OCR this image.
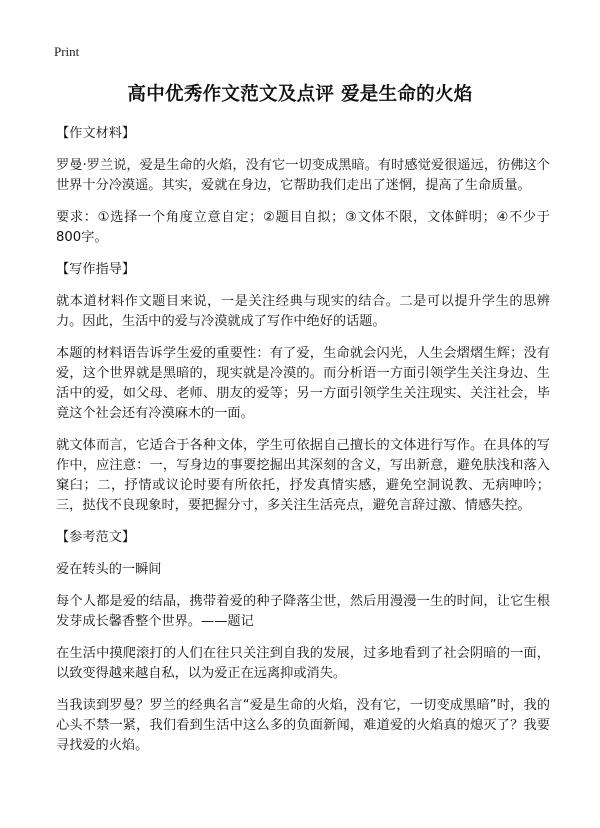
Print
高中优秀作文范文及点评 爱是生命的火焰

【作文材料】

罗曼·罗兰说，爱是生命的火焰，没有它一切变成黑暗。有时感觉爱很遥远，彷佛这个世界十分冷漠遥。其实，爱就在身边，它帮助我们走出了迷惘，提高了生命质量。

要求：①选择一个角度立意自定；②题目自拟；③文体不限，文体鲜明；④不少于800字。

【写作指导】

就本道材料作文题目来说，一是关注经典与现实的结合。二是可以提升学生的思辨力。因此，生活中的爱与冷漠就成了写作中绝好的话题。

本题的材料语告诉学生爱的重要性：有了爱，生命就会闪光，人生会熠熠生辉；没有爱，这个世界就是黑暗的，现实就是冷漠的。而分析语一方面引领学生关注身边、生活中的爱，如父母、老师、朋友的爱等；另一方面引领学生关注现实、关注社会，毕竟这个社会还有冷漠麻木的一面。

就文体而言，它适合于各种文体，学生可依据自己擅长的文体进行写作。在具体的写作中，应注意：一，写身边的事要挖掘出其深刻的含义，写出新意，避免肤浅和落入窠臼；二，抒情或议论时要有所依托，抒发真情实感，避免空洞说教、无病呻吟；三，挞伐不良现象时，要把握分寸，多关注生活亮点，避免言辞过激、情感失控。

【参考范文】

爱在转头的一瞬间

每个人都是爱的结晶，携带着爱的种子降落尘世，然后用漫漫一生的时间，让它生根发芽成长馨香整个世界。——题记

在生活中摸爬滚打的人们在往只关注到自我的发展，过多地看到了社会阴暗的一面，以致变得越来越自私，以为爱正在远离抑或消失。

当我读到罗曼？罗兰的经典名言“爱是生命的火焰，没有它，一切变成黑暗”时，我的心头不禁一紧，我们看到生活中这么多的负面新闻，难道爱的火焰真的熄灭了？我要寻找爱的火焰。
